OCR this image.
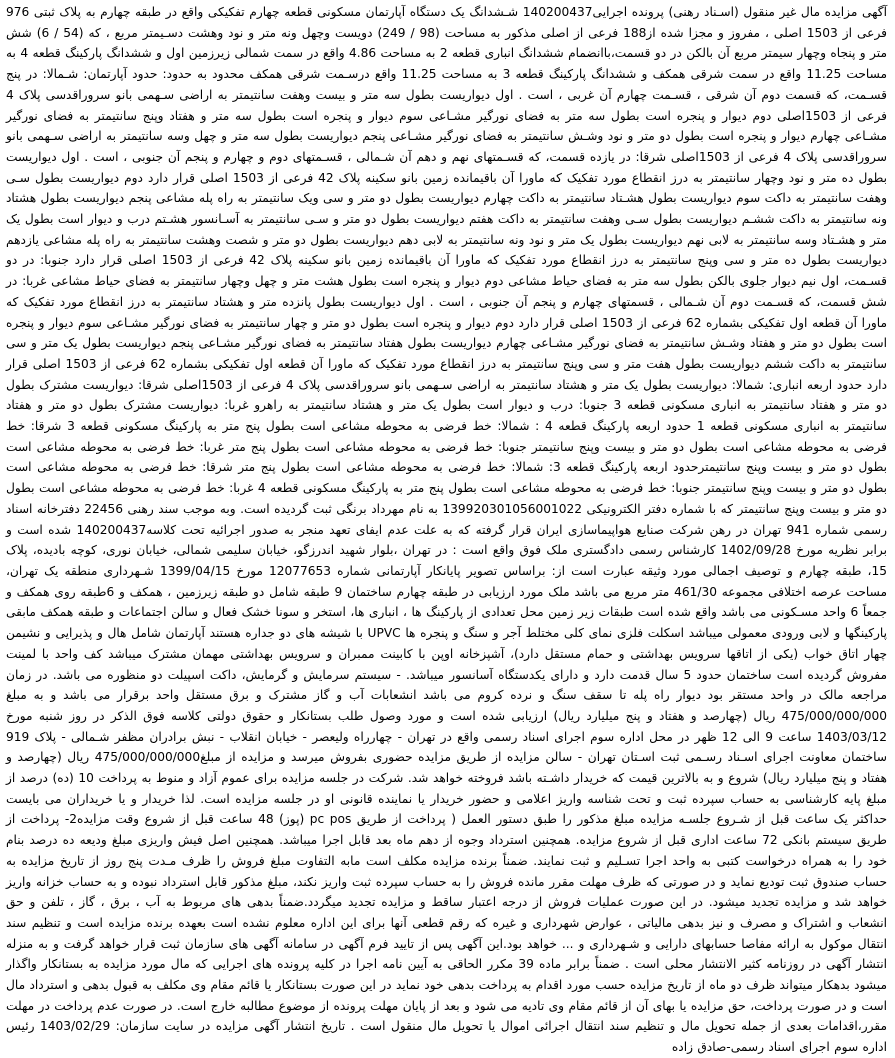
آگهی مزایده مال غیر منقول (اسـناد رهنی) پرونده اجرایی140200437 شـشدانگ یک دستگاه آپارتمان مسکونی قطعه چهارم تفکیکی واقع در طبقه چهارم به پلاک ثبتی 976 فرعی از 1503 اصلی ، مفروز و مجزا شده از188 فرعی از اصلی مذکور به مساحت (98 / 249) دویست وچهل ونه متر و نود وهشت دسـیمتر مربع ، که (54 / 6) شش متر و پنجاه وچهار سیمتر مربع آن بالکن در دو قسمت،باانضمام ششدانگ انباری قطعه 2 به مساحت 4.86 واقع در سمت شمالی زیرزمین اول و ششدانگ پارکینگ قطعه 4 به مساحت 11.25 واقع در سمت شرقی همکف و ششدانگ پارکینگ قطعه 3 به مساحت 11.25 واقع درسـمت شرقی همکف محدود به حدود: حدود آپارتمان: شـمالا: در پنج قسـمت، که قسمت دوم آن شرقی ، قسـمت چهارم آن غربی ، است . اول دیواریست بطول سه متر و بیست وهفت سانتیمتر به اراضی سـهمی بانو سروراقدسی پلاک 4 فرعی از 1503اصلی دوم دیوار و پنجره است بطول سه متر به فضای نورگیر مشـاعی سوم دیوار و پنجره است بطول سه متر و هفتاد وپنج سانتیمتر به فضای نورگیر مشـاعی چهارم دیوار و پنجره است بطول دو متر و نود وشـش سانتیمتر به فضای نورگیر مشـاعی پنجم دیواریست بطول سه متر و چهل وسه سانتیمتر به اراضی سـهمی بانو سروراقدسی پلاک 4 فرعی از 1503اصلی شرقا: در یازده قسمت، که قسـمتهای نهم و دهم آن شـمالی ، قسـمتهای دوم و چهارم و پنجم آن جنوبی ، است . اول دیواریست بطول ده متر و نود وچهار سانتیمتر به درز انقطاع مورد تفکیک که ماورا آن باقیمانده زمین بانو سکینه پلاک 42 فرعی از 1503 اصلی قرار دارد دوم دیواریست بطول سـی وهفت سانتیمتر به داکت سوم دیواریست بطول هشـتاد سانتیمتر به داکت چهارم دیواریست بطول دو متر و سی ویک سانتیمتر به راه پله مشاعی پنجم دیواریست بطول هشتاد ونه سانتیمتر به داکت ششـم دیواریست بطول سـی وهفت سانتیمتر به داکت هفتم دیواریست بطول دو متر و سـی سانتیمتر به آسـانسور هشـتم درب و دیوار است بطول یک متر و هشـتاد وسه سانتیمتر به لابی نهم دیواریست بطول یک متر و نود ونه سانتیمتر به لابی دهم دیواریست بطول دو متر و شصت وهشت سانتیمتر به راه پله مشاعی یازدهم دیواریست بطول ده متر و سی وپنج سانتیمتر به درز انقطاع مورد تفکیک که ماورا آن باقیمانده زمین بانو سکینه پلاک 42 فرعی از 1503 اصلی قرار دارد جنوبا: در دو قسـمت، اول نیم دیوار جلوی بالکن بطول سه متر به فضای حیاط مشاعی دوم دیوار و پنجره است بطول هشت متر و چهل وچهار سانتیمتر به فضای حیاط مشاعی غربا: در شش قسمت، که قسـمت دوم آن شـمالی ، قسمتهای چهارم و پنجم آن جنوبی ، است . اول دیواریست بطول پانزده متر و هشتاد سانتیمتر به درز انقطاع مورد تفکیک که ماورا آن قطعه اول تفکیکی بشماره 62 فرعی از 1503 اصلی قرار دارد دوم دیوار و پنجره است بطول دو متر و چهار سانتیمتر به فضای نورگیر مشـاعی سوم دیوار و پنجره است بطول دو متر و هفتاد وشـش سانتیمتر به فضای نورگیر مشـاعی چهارم دیواریست بطول هفتاد سانتیمتر به فضای نورگیر مشـاعی پنجم دیواریست بطول یک متر و سی سانتیمتر به داکت ششم دیواریست بطول هفت متر و سی وپنج سانتیمتر به درز انقطاع مورد تفکیک که ماورا آن قطعه اول تفکیکی بشماره 62 فرعی از 1503 اصلی قرار دارد حدود اربعه انباری: شمالا: دیواریست بطول یک متر و هشتاد سانتیمتر به اراضی سـهمی بانو سروراقدسی پلاک 4 فرعی از 1503اصلی شرقا: دیواریست مشترک بطول دو متر و هفتاد سانتیمتر به انباری مسکونی قطعه 3 جنوبا: درب و دیوار است بطول یک متر و هشتاد سانتیمتر به راهرو غربا: دیواریست مشترک بطول دو متر و هفتاد سانتیمتر به انباری مسکونی قطعه 1 حدود اربعه پارکینگ قطعه 4 : شمالا: خط فرضی به محوطه مشاعی است بطول پنج متر به پارکینگ مسکونی قطعه 3 شرقا: خط فرضی به محوطه مشاعی است بطول دو متر و بیست وپنج سانتیمتر جنوبا: خط فرضی به محوطه مشاعی است بطول پنج متر غربا: خط فرضی به محوطه مشاعی است بطول دو متر و بیست وپنج سانتیمترحدود اربعه پارکینگ قطعه 3: شمالا: خط فرضی به محوطه مشاعی است بطول پنج متر شرقا: خط فرضی به محوطه مشاعی است بطول دو متر و بیست وپنج سانتیمتر جنوبا: خط فرضی به محوطه مشاعی است بطول پنج متر به پارکینگ مسکونی قطعه 4 غربا: خط فرضی به محوطه مشاعی است بطول دو متر و بیست وپنج سانتیمتر که با شماره دفتر الکترونیکی 139920301056001022 به نام مهرداد برنگی ثبت گردیده است. وبه موجب سند رهنی 22456 دفترخانه اسناد رسمی شماره 941 تهران در رهن شرکت صنایع هواپیماسازی ایران قرار گرفته که به علت عدم ایفای تعهد منجر به صدور اجرائیه تحت کلاسه140200437 شده است و برابر نظریه مورخ 1402/09/28 کارشناس رسمی دادگستری ملک فوق واقع است : در تهران ،بلوار شهید اندرزگو، خیابان سلیمی شمالی، خیابان نوری، کوچه بادیده، پلاک 15، طبقه چهارم و توصیف اجمالی مورد وثیقه عبارت است از: براساس تصویر پایانکار آپارتمانی شماره 12077653 مورخ 1399/04/15 شـهرداری منطقه یک تهران، مساحت عرصه اختلافی مجموعه 461/30 متر مربع می باشد ملک مورد ارزیابی در طبقه چهارم ساختمان 9 طبقه شامل دو طبقه زیرزمین ، همکف و 6طبقه روی همکف و جمعاً 6 واحد مسـکونی می باشد واقع شده است طبقات زیر زمین محل تعدادی از پارکینگ ها ، انباری ها، استخر و سونا خشک فعال و سالن اجتماعات و طبقه همکف مابقی پارکینگها و لابی ورودی معمولی میباشد اسکلت فلزی نمای کلی مختلط آجر و سنگ و پنجره ها UPVC با شیشه های دو جداره هستند آپارتمان شامل هال و پذیرایی و نشیمن چهار اتاق خواب (یکی از اتاقها سرویس بهداشتی و حمام مستقل دارد)، آشپزخانه اوپن با کابینت ممبران و سرویس بهداشتی مهمان مشترک میباشد کف واحد با لمینت مفروش گردیده است ساختمان حدود 5 سال قدمت دارد و دارای یکدستگاه آسانسور میباشد. - سیستم سرمایش و گرمایش، داکت اسپیلت دو منظوره می باشد. در زمان مراجعه مالک در واحد مستقر بود دیوار راه پله تا سقف سنگ و نرده کروم می باشد انشعابات آب و گاز مشترک و برق مستقل واحد برقرار می باشد و به مبلغ 475/000/000/000 ریال (چهارصد و هفتاد و پنج میلیارد ریال) ارزیابی شده است و مورد وصول طلب بستانکار و حقوق دولتی کلاسه فوق الذکر در روز شنبه مورخ 1403/03/12 ساعت 9 الی 12 ظهر در محل اداره سوم اجرای اسناد رسمی واقع در تهران - چهارراه ولیعصر - خیابان انقلاب - نبش برادران مظفر شـمالی - پلاک 919 ساختمان معاونت اجرای اسـناد رسـمی ثبت اسـتان تهران - سالن مزایده از طریق مزایده حضوری بفروش میرسد و مزایده از مبلغ475/000/000/000 ریال (چهارصد و هفتاد و پنج میلیارد ریال) شروع و به بالاترین قیمت که خریدار داشـته باشد فروخته خواهد شد. شرکت در جلسه مزایده برای عموم آزاد و منوط به پرداخت 10 (ده) درصد از مبلغ پایه کارشناسی به حساب سپرده ثبت و تحت شناسه واریز اعلامی و حضور خریدار یا نماینده قانونی او در جلسه مزایده است. لذا خریدار و یا خریداران می بایست حداکثر یک ساعت قبل از شـروع جلسـه مزایده مبلغ مذکور را طبق دستور العمل ( پرداخت از طریق pc pos (پوز) 48 ساعت قبل از شروع وقت مزایده2- پرداخت از طریق سیستم بانکی 72 ساعت اداری قبل از شروع مزایده. همچنین استرداد وجوه از دهم ماه بعد قابل اجرا میباشد. همچنین اصل فیش واریزی مبلغ ودیعه ده درصد بنام خود را به همراه درخواست کتبی به واحد اجرا تسـلیم و ثبت نمایند. ضمناً برنده مزایده مکلف است مابه التفاوت مبلغ فروش را ظرف مـدت پنج روز از تاریخ مزایده به حساب صندوق ثبت تودیع نماید و در صورتی که ظرف مهلت مقرر مانده فروش را به حساب سپرده ثبت واریز نکند، مبلغ مذکور قابل استرداد نبوده و به حساب خزانه واریز خواهد شد و مزایده تجدید میشود. در این صورت عملیات فروش از درجه اعتبار ساقط و مزایده تجدید میگردد.ضمناً بدهی های مربوط به آب ، برق ، گاز ، تلفن و حق انشعاب و اشتراک و مصرف و نیز بدهی مالیاتی ، عوارض شهرداری و غیره که رقم قطعی آنها برای این اداره معلوم نشده است بعهده برنده مزایده است و تنظیم سند انتقال موکول به ارائه مفاصا حسابهای دارایی و شـهرداری و ... خواهد بود.این آگهی پس از تایید فرم آگهی در سامانه آگهی های سازمان ثبت قرار خواهد گرفت و به منزله انتشار آگهی در روزنامه کثیر الانتشار محلی است . ضمناً برابر ماده 39 مکرر الحاقی به آیین نامه اجرا در کلیه پرونده های اجرایی که مال مورد مزایده به بستانکار واگذار میشود بدهکار میتواند ظرف دو ماه از تاریخ مزایده حسب مورد اقدام به پرداخت بدهی خود نماید در این صورت بستانکار یا قائم مقام وی مکلف به قبول بدهی و استرداد مال است و در صورت پرداخت، حق مزایده یا بهای آن از قائم مقام وی تادیه می شود و بعد از پایان مهلت پرونده از موضوع مطالبه خارج است. در صورت عدم پرداخت در مهلت مقرر،اقدامات بعدی از جمله تحویل مال و تنظیم سند انتقال اجرائی اموال یا تحویل مال منقول است . تاریخ انتشار آگهی مزایده در سایت سازمان: 1403/02/29 رئیس اداره سوم اجرای اسناد رسمی-صادق زاده
